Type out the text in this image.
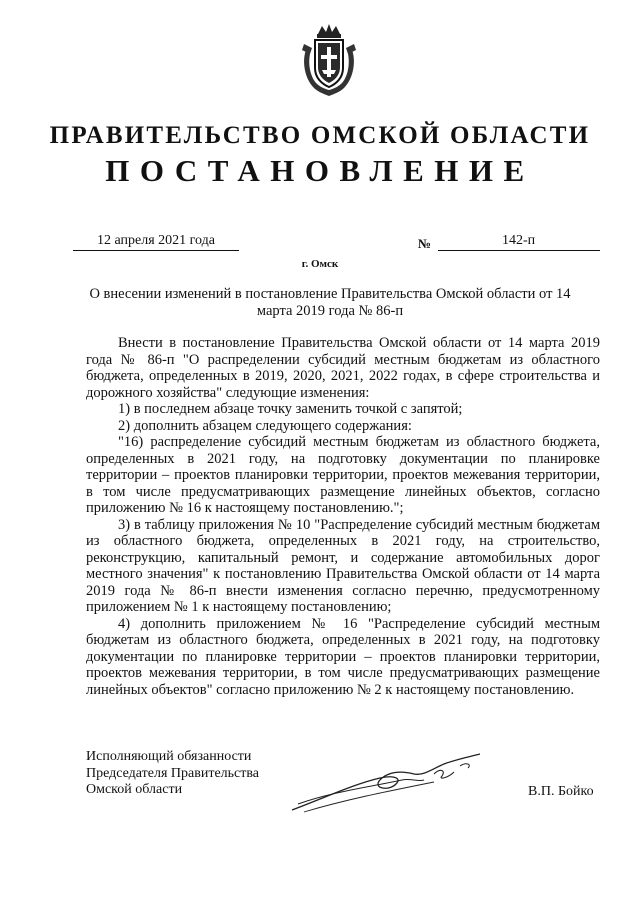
ПРАВИТЕЛЬСТВО ОМСКОЙ ОБЛАСТИ
ПОСТАНОВЛЕНИЕ
12 апреля 2021 года	№	142-п
г. Омск
О внесении изменений в постановление Правительства Омской области от 14 марта 2019 года № 86-п

Внести в постановление Правительства Омской области от 14 марта 2019 года № 86-п "О распределении субсидий местным бюджетам из областного бюджета, определенных в 2019, 2020, 2021, 2022 годах, в сфере строительства и дорожного хозяйства" следующие изменения:

1) в последнем абзаце точку заменить точкой с запятой;

2) дополнить абзацем следующего содержания:

"16) распределение субсидий местным бюджетам из областного бюджета, определенных в 2021 году, на подготовку документации по планировке территории – проектов планировки территории, проектов межевания территории, в том числе предусматривающих размещение линейных объектов, согласно приложению № 16 к настоящему постановлению.";

3) в таблицу приложения № 10 "Распределение субсидий местным бюджетам из областного бюджета, определенных в 2021 году, на строительство, реконструкцию, капитальный ремонт, и содержание автомобильных дорог местного значения" к постановлению Правительства Омской области от 14 марта 2019 года № 86-п внести изменения согласно перечню, предусмотренному приложением № 1 к настоящему постановлению;

4) дополнить приложением № 16 "Распределение субсидий местным бюджетам из областного бюджета, определенных в 2021 году, на подготовку документации по планировке территории – проектов планировки территории, проектов межевания территории, в том числе предусматривающих размещение линейных объектов" согласно приложению № 2 к настоящему постановлению.

Исполняющий обязанности
Председателя Правительства
Омской области	В.П. Бойко
